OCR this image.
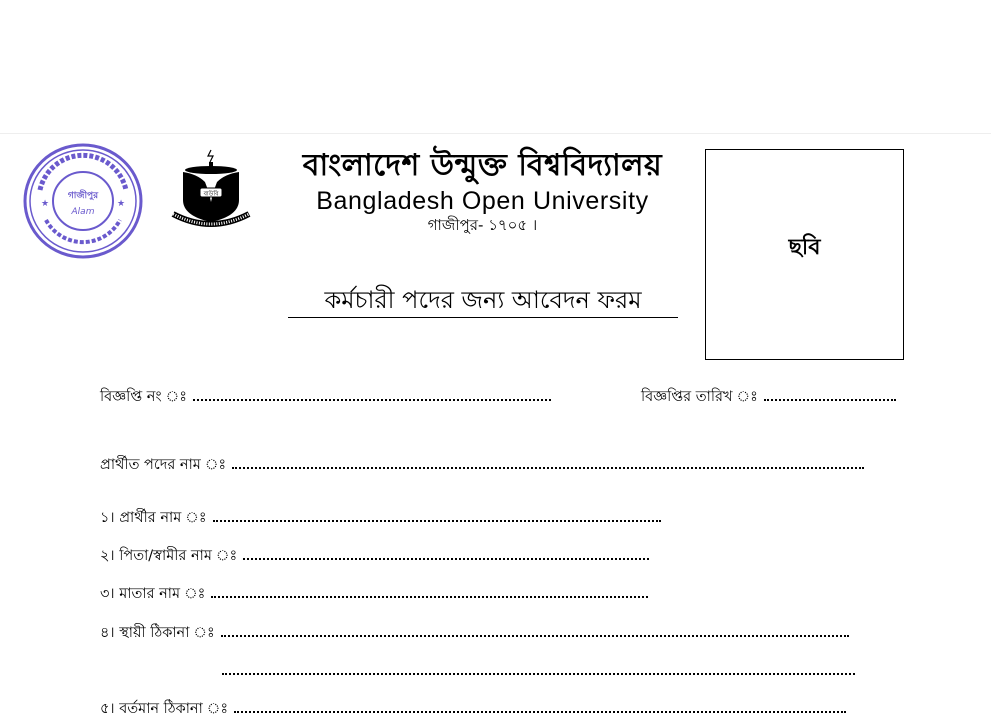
★	★
গাজীপুর
Alam
বাউবি
বাংলাদেশ উন্মুক্ত বিশ্ববিদ্যালয়
Bangladesh Open University
গাজীপুর- ১৭০৫ ।
কর্মচারী পদের জন্য আবেদন ফরম
ছবি
বিজ্ঞপ্তি নং ঃ	বিজ্ঞপ্তির তারিখ ঃ
প্রার্থীত পদের নাম ঃ
১। প্রার্থীর নাম ঃ
২। পিতা/স্বামীর নাম ঃ
৩। মাতার নাম ঃ
৪। স্থায়ী ঠিকানা ঃ
৫। বর্তমান ঠিকানা ঃ
